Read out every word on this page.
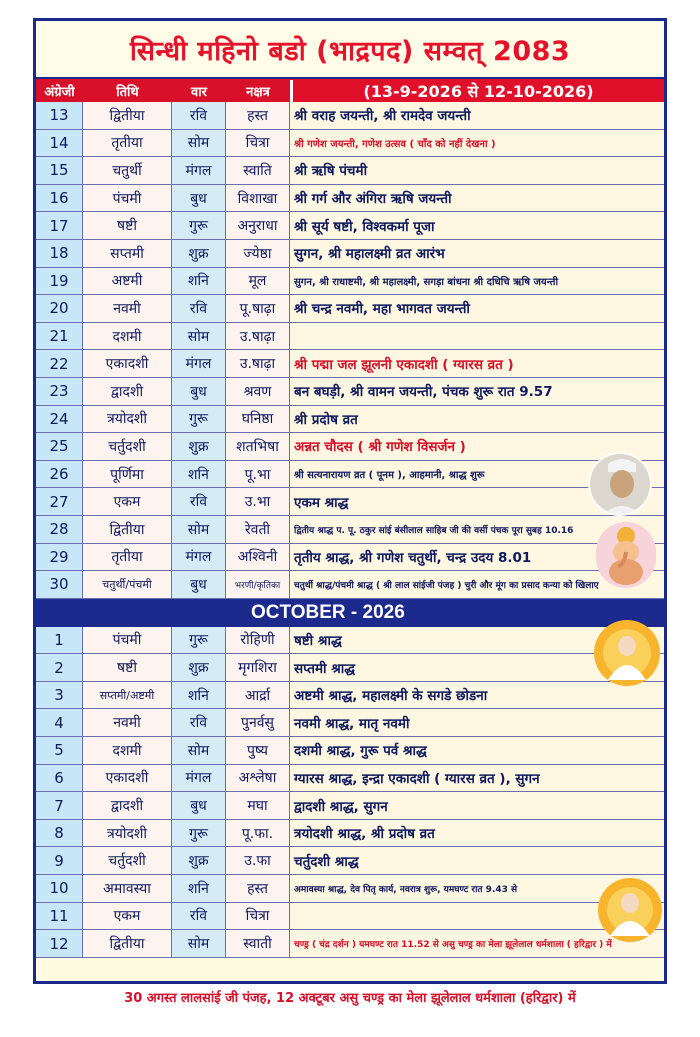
सिन्धी महिनो बडो (भाद्रपद) सम्वत् 2083
अंग्रेजी	तिथि	वार	नक्षत्र	(13-9-2026 से 12-10-2026)
13	द्वितीया	रवि	हस्त	श्री वराह जयन्ती, श्री रामदेव जयन्ती
14	तृतीया	सोम	चित्रा	श्री गणेश जयन्ती, गणेश उत्सव ( चाँद को नहीं देखना )
15	चतुर्थी	मंगल	स्वाति	श्री ऋषि पंचमी
16	पंचमी	बुध	विशाखा	श्री गर्ग और अंगिरा ऋषि जयन्ती
17	षष्टी	गुरू	अनुराधा	श्री सूर्य षष्टी, विश्वकर्मा पूजा
18	सप्तमी	शुक्र	ज्येष्ठा	सुगन, श्री महालक्ष्मी व्रत आरंभ
19	अष्टमी	शनि	मूल	सुगन, श्री राधाष्टमी, श्री महालक्ष्मी, सगड़ा बांधना श्री दधिचि ऋषि जयन्ती
20	नवमी	रवि	पू.षाढ़ा	श्री चन्द्र नवमी, महा भागवत जयन्ती
21	दशमी	सोम	उ.षाढ़ा
22	एकादशी	मंगल	उ.षाढ़ा	श्री पद्मा जल झूलनी एकादशी ( ग्यारस व्रत )
23	द्वादशी	बुध	श्रवण	बन बघड़ी, श्री वामन जयन्ती, पंचक शुरू रात 9.57
24	त्रयोदशी	गुरू	घनिष्ठा	श्री प्रदोष व्रत
25	चर्तुदशी	शुक्र	शतभिषा	अन्नत चौदस ( श्री गणेश विसर्जन )
26	पूर्णिमा	शनि	पू.भा	श्री सत्यनारायण व्रत ( पूनम ), आहमानी, श्राद्ध शुरू
27	एकम	रवि	उ.भा	एकम श्राद्ध
28	द्वितीया	सोम	रेवती	द्वितीय श्राद्ध प. पू. ठकुर सांई बंसीलाल साहिब जी की वर्सी पंचक पूरा सुबह 10.16
29	तृतीया	मंगल	अश्विनी	तृतीय श्राद्ध, श्री गणेश चतुर्थी, चन्द्र उदय 8.01
30	चतुर्थी/पंचमी	बुध	भरणी/कृतिका	चतुर्थी श्राद्ध/पंचमी श्राद्ध ( श्री लाल सांईजी पंजह ) चुरी और मूंग का प्रसाद कन्या को खिलाए
OCTOBER - 2026
1	पंचमी	गुरू	रोहिणी	षष्टी श्राद्ध
2	षष्टी	शुक्र	मृगशिरा	सप्तमी श्राद्ध
3	सप्तमी/अष्टमी	शनि	आर्द्रा	अष्टमी श्राद्ध, महालक्ष्मी के सगडे छोडना
4	नवमी	रवि	पुनर्वसु	नवमी श्राद्ध, मातृ नवमी
5	दशमी	सोम	पुष्य	दशमी श्राद्ध, गुरू पर्व श्राद्ध
6	एकादशी	मंगल	अश्लेषा	ग्यारस श्राद्ध, इन्द्रा एकादशी ( ग्यारस व्रत ), सुगन
7	द्वादशी	बुध	मघा	द्वादशी श्राद्ध, सुगन
8	त्रयोदशी	गुरू	पू.फा.	त्रयोदशी श्राद्ध, श्री प्रदोष व्रत
9	चर्तुदशी	शुक्र	उ.फा	चर्तुदशी श्राद्ध
10	अमावस्या	शनि	हस्त	अमावस्या श्राद्ध, देव पितृ कार्य, नवरात्र शुरू, यमघण्ट रात 9.43 से
11	एकम	रवि	चित्रा
12	द्वितीया	सोम	स्वाती	चण्ड्र ( चंद्र दर्शन ) यमघण्ट रात 11.52 से असु चण्ड्र का मेला झूलेलाल धर्मशाला ( हरिद्वार ) में
30 अगस्त लालसांई जी पंजह, 12 अक्टूबर असु चण्ड्र का मेला झूलेलाल धर्मशाला (हरिद्वार) में
